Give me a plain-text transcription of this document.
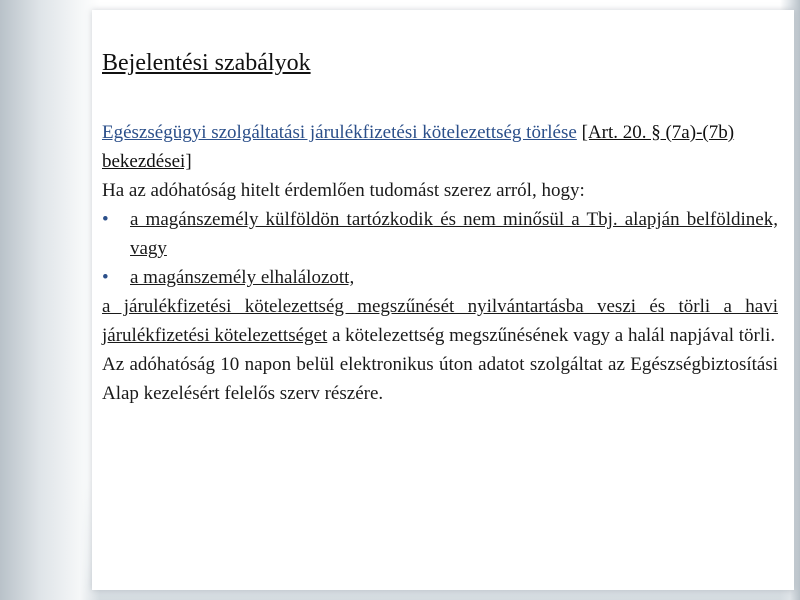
Bejelentési szabályok

Egészségügyi szolgáltatási járulékfizetési kötelezettség törlése [Art. 20. § (7a)-(7b) bekezdései]

Ha az adóhatóság hitelt érdemlően tudomást szerez arról, hogy:

• a magánszemély külföldön tartózkodik és nem minősül a Tbj. alapján belföldinek, vagy
• a magánszemély elhalálozott,

a járulékfizetési kötelezettség megszűnését nyilvántartásba veszi és törli a havi járulékfizetési kötelezettséget a kötelezettség megszűnésének vagy a halál napjával törli.

Az adóhatóság 10 napon belül elektronikus úton adatot szolgáltat az Egészségbiztosítási Alap kezelésért felelős szerv részére.
